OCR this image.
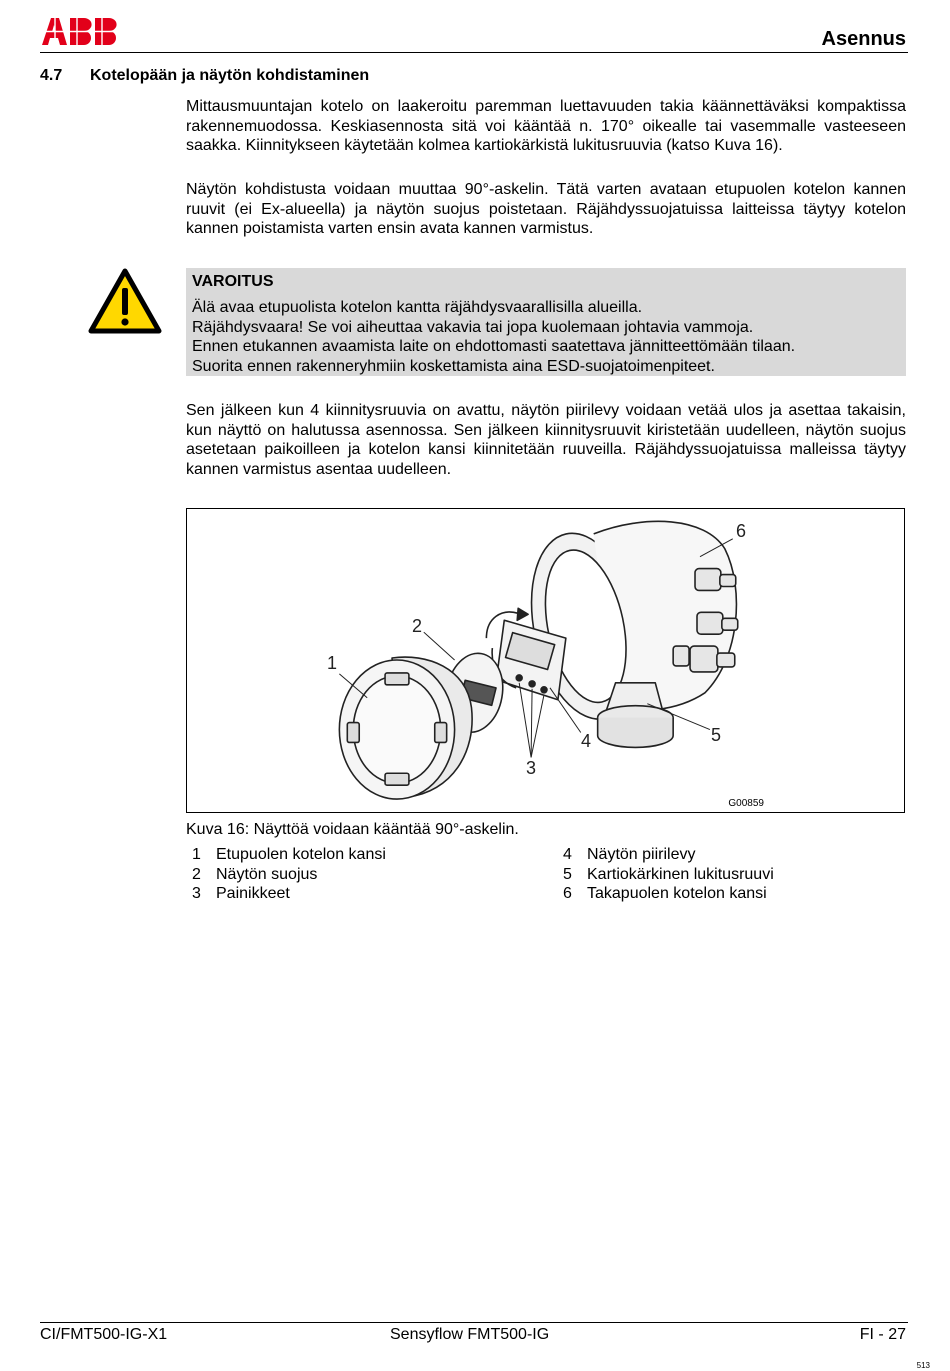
Asennus
4.7 Kotelopään ja näytön kohdistaminen
Mittausmuuntajan kotelo on laakeroitu paremman luettavuuden takia käännettäväksi kompaktissa rakennemuodossa. Keskiasennosta sitä voi kääntää n. 170° oikealle tai vasemmalle vasteeseen saakka. Kiinnitykseen käytetään kolmea kartiokärkistä lukitusruuvia (katso Kuva 16).
Näytön kohdistusta voidaan muuttaa 90°-askelin. Tätä varten avataan etupuolen kotelon kannen ruuvit (ei Ex-alueella) ja näytön suojus poistetaan. Räjähdyssuojatuissa laitteissa täytyy kotelon kannen poistamista varten ensin avata kannen varmistus.
VAROITUS
Älä avaa etupuolista kotelon kantta räjähdysvaarallisilla alueilla.
Räjähdysvaara! Se voi aiheuttaa vakavia tai jopa kuolemaan johtavia vammoja.
Ennen etukannen avaamista laite on ehdottomasti saatettava jännitteettömään tilaan.
Suorita ennen rakenneryhmiin koskettamista aina ESD-suojatoimenpiteet.
Sen jälkeen kun 4 kiinnitysruuvia on avattu, näytön piirilevy voidaan vetää ulos ja asettaa takaisin, kun näyttö on halutussa asennossa. Sen jälkeen kiinnitysruuvit kiristetään uudelleen, näytön suojus asetetaan paikoilleen ja kotelon kansi kiinnitetään ruuveilla. Räjähdyssuojatuissa malleissa täytyy kannen varmistus asentaa uudelleen.
1
2
3
4	5
6
G00859
Kuva 16: Näyttöä voidaan kääntää 90°-askelin.
1 Etupuolen kotelon kansi
2 Näytön suojus
3 Painikkeet
4 Näytön piirilevy
5 Kartiokärkinen lukitusruuvi
6 Takapuolen kotelon kansi
CI/FMT500-IG-X1	Sensyflow FMT500-IG	FI - 27
513
